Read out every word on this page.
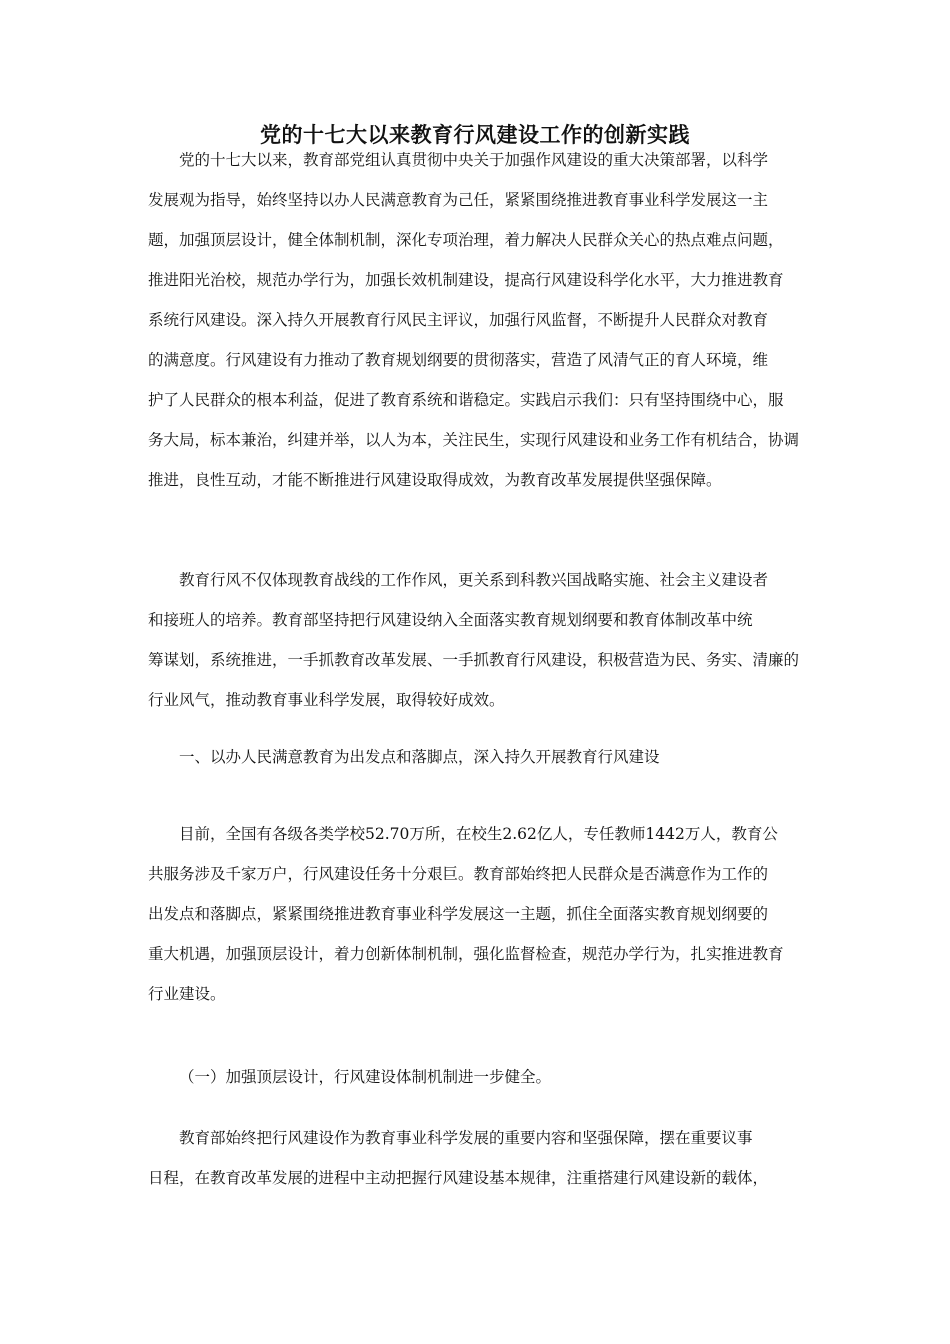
党的十七大以来教育行风建设工作的创新实践
党的十七大以来，教育部党组认真贯彻中央关于加强作风建设的重大决策部署，以科学
发展观为指导，始终坚持以办人民满意教育为己任，紧紧围绕推进教育事业科学发展这一主
题，加强顶层设计，健全体制机制，深化专项治理，着力解决人民群众关心的热点难点问题，
推进阳光治校，规范办学行为，加强长效机制建设，提高行风建设科学化水平，大力推进教育
系统行风建设。深入持久开展教育行风民主评议，加强行风监督，不断提升人民群众对教育
的满意度。行风建设有力推动了教育规划纲要的贯彻落实，营造了风清气正的育人环境，维
护了人民群众的根本利益，促进了教育系统和谐稳定。实践启示我们：只有坚持围绕中心，服
务大局，标本兼治，纠建并举，以人为本，关注民生，实现行风建设和业务工作有机结合，协调
推进，良性互动，才能不断推进行风建设取得成效，为教育改革发展提供坚强保障。
教育行风不仅体现教育战线的工作作风，更关系到科教兴国战略实施、社会主义建设者
和接班人的培养。教育部坚持把行风建设纳入全面落实教育规划纲要和教育体制改革中统
筹谋划，系统推进，一手抓教育改革发展、一手抓教育行风建设，积极营造为民、务实、清廉的
行业风气，推动教育事业科学发展，取得较好成效。
一、以办人民满意教育为出发点和落脚点，深入持久开展教育行风建设
目前，全国有各级各类学校52.70万所，在校生2.62亿人，专任教师1442万人，教育公
共服务涉及千家万户，行风建设任务十分艰巨。教育部始终把人民群众是否满意作为工作的
出发点和落脚点，紧紧围绕推进教育事业科学发展这一主题，抓住全面落实教育规划纲要的
重大机遇，加强顶层设计，着力创新体制机制，强化监督检查，规范办学行为，扎实推进教育
行业建设。
（一）加强顶层设计，行风建设体制机制进一步健全。
教育部始终把行风建设作为教育事业科学发展的重要内容和坚强保障，摆在重要议事
日程，在教育改革发展的进程中主动把握行风建设基本规律，注重搭建行风建设新的载体，
